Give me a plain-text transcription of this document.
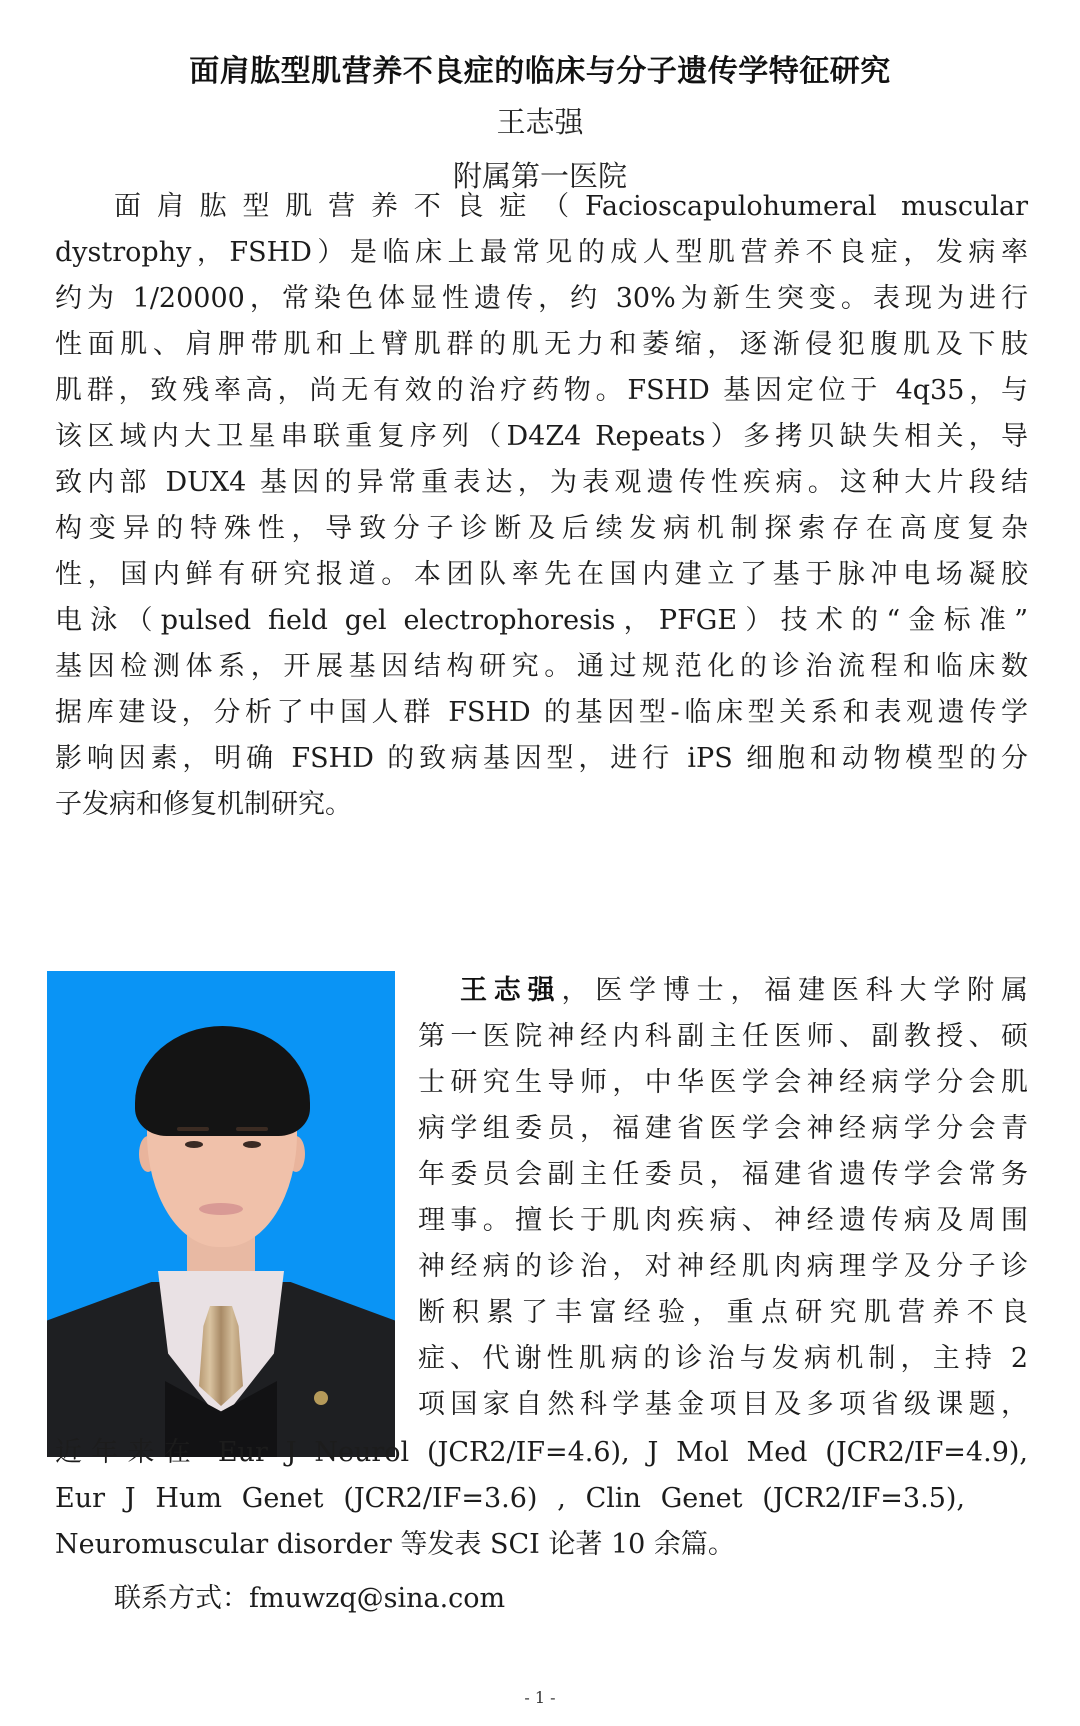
面肩肱型肌营养不良症的临床与分子遗传学特征研究
王志强
附属第一医院
面肩肱型肌营养不良症（Facioscapulohumeral muscular
dystrophy，FSHD）是临床上最常见的成人型肌营养不良症，发病率
约为 1/20000，常染色体显性遗传，约 30%为新生突变。表现为进行
性面肌、肩胛带肌和上臂肌群的肌无力和萎缩，逐渐侵犯腹肌及下肢
肌群，致残率高，尚无有效的治疗药物。FSHD 基因定位于 4q35，与
该区域内大卫星串联重复序列（D4Z4 Repeats）多拷贝缺失相关，导
致内部 DUX4 基因的异常重表达，为表观遗传性疾病。这种大片段结
构变异的特殊性，导致分子诊断及后续发病机制探索存在高度复杂
性，国内鲜有研究报道。本团队率先在国内建立了基于脉冲电场凝胶
电泳（pulsed field gel electrophoresis，PFGE）技术的“金标准”
基因检测体系，开展基因结构研究。通过规范化的诊治流程和临床数
据库建设，分析了中国人群 FSHD 的基因型-临床型关系和表观遗传学
影响因素，明确 FSHD 的致病基因型，进行 iPS 细胞和动物模型的分
子发病和修复机制研究。
王志强，医学博士，福建医科大学附属
第一医院神经内科副主任医师、副教授、硕
士研究生导师，中华医学会神经病学分会肌
病学组委员，福建省医学会神经病学分会青
年委员会副主任委员，福建省遗传学会常务
理事。擅长于肌肉疾病、神经遗传病及周围
神经病的诊治，对神经肌肉病理学及分子诊
断积累了丰富经验，重点研究肌营养不良
症、代谢性肌病的诊治与发病机制，主持 2
项国家自然科学基金项目及多项省级课题，
近年来在 Eur J Neurol (JCR2/IF=4.6), J Mol Med (JCR2/IF=4.9),
Eur J Hum Genet (JCR2/IF=3.6) , Clin Genet (JCR2/IF=3.5),
Neuromuscular disorder 等发表 SCI 论著 10 余篇。
联系方式：fmuwzq@sina.com
- 1 -
